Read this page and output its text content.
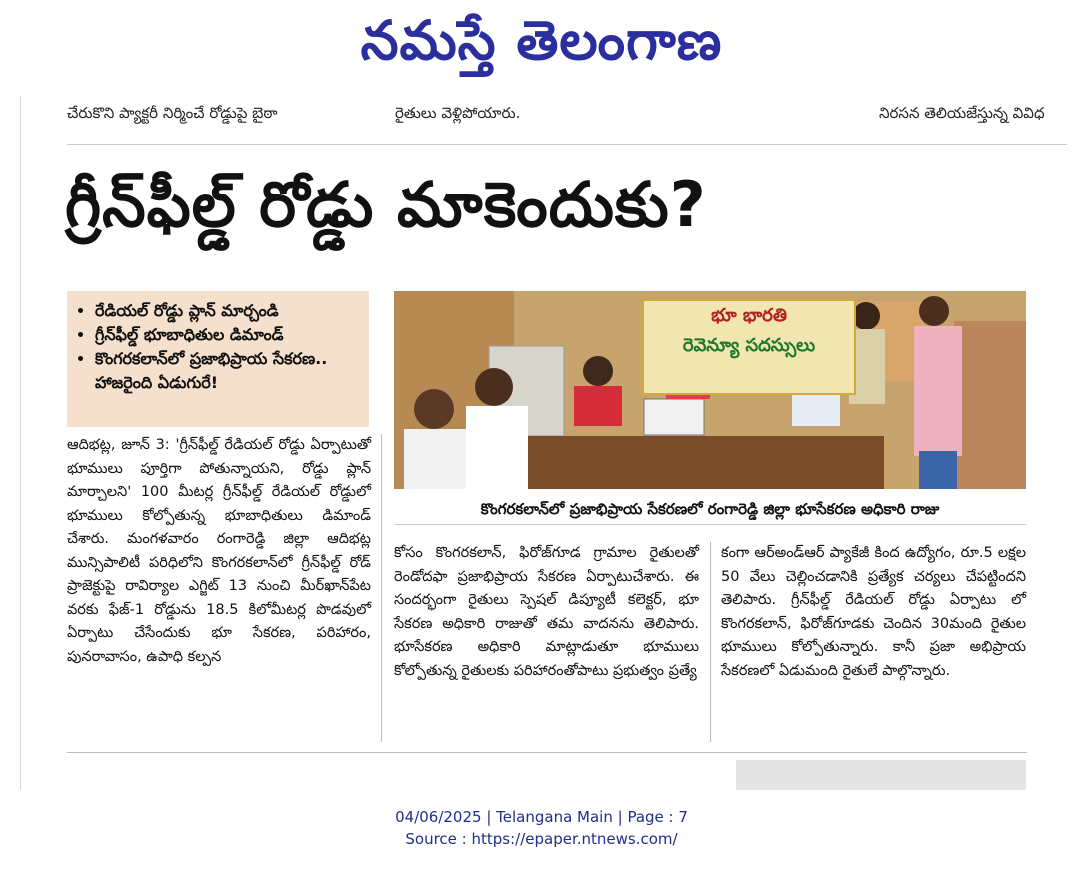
నమస్తే తెలంగాణ
చేరుకొని ప్యాక్టరీ నిర్మించే రోడ్డుపై బైఠా	రైతులు వెళ్లిపోయారు.	నిరసన తెలియజేస్తున్న వివిధ
గ్రీన్‌ఫీల్డ్ రోడ్డు మాకెందుకు?
• రేడియల్ రోడ్డు ప్లాన్ మార్చండి
• గ్రీన్‌ఫీల్డ్ భూబాధితుల డిమాండ్
• కొంగరకలాన్‌లో ప్రజాభిప్రాయ సేకరణ.. హాజరైంది ఏడుగురే!
భూ భారతి
రెవెన్యూ సదస్సులు
కొంగరకలాన్‌లో ప్రజాభిప్రాయ సేకరణలో రంగారెడ్డి జిల్లా భూసేకరణ అధికారి రాజు

ఆదిభట్ల, జూన్ 3: 'గ్రీన్‌ఫీల్డ్ రేడియల్ రోడ్డు ఏర్పాటుతో భూములు పూర్తిగా పోతున్నాయని, రోడ్డు ప్లాన్ మార్చాలని' 100 మీటర్ల గ్రీన్‌ఫీల్డ్ రేడియల్ రోడ్డులో భూములు కోల్పోతున్న భూబాధితులు డిమాండ్ చేశారు. మంగళవారం రంగారెడ్డి జిల్లా ఆదిభట్ల మున్సిపాలిటీ పరిధిలోని కొంగరకలాన్‌లో గ్రీన్‌ఫీల్డ్ రోడ్ ప్రాజెక్టుపై రావిర్యాల ఎగ్జిట్ 13 నుంచి మీర్‌ఖాన్‌పేట వరకు ఫేజ్-1 రోడ్డును 18.5 కిలోమీటర్ల పొడవులో ఏర్పాటు చేసేందుకు భూ సేకరణ, పరిహారం, పునరావాసం, ఉపాధి కల్పన

కోసం కొంగరకలాన్, ఫిరోజ్‌గూడ గ్రామాల రైతులతో రెండోదఫా ప్రజాభిప్రాయ సేకరణ ఏర్పాటుచేశారు. ఈ సందర్భంగా రైతులు స్పెషల్ డిప్యూటీ కలెక్టర్, భూ సేకరణ అధికారి రాజుతో తమ వాదనను తెలిపారు. భూసేకరణ అధికారి మాట్లాడుతూ భూములు కోల్పోతున్న రైతులకు పరిహారంతోపాటు ప్రభుత్వం ప్రత్యే

కంగా ఆర్‌అండ్‌ఆర్ ప్యాకేజీ కింద ఉద్యోగం, రూ.5 లక్షల 50 వేలు చెల్లించడానికి ప్రత్యేక చర్యలు చేపట్టిందని తెలిపారు. గ్రీన్‌ఫీల్డ్ రేడియల్ రోడ్డు ఏర్పాటు లో కొంగరకలాన్, ఫిరోజ్‌గూడకు చెందిన 30మంది రైతుల భూములు కోల్పోతున్నారు. కానీ ప్రజా అభిప్రాయ సేకరణలో ఏడుమంది రైతులే పాల్గొన్నారు.

04/06/2025 | Telangana Main | Page : 7
Source : https://epaper.ntnews.com/
